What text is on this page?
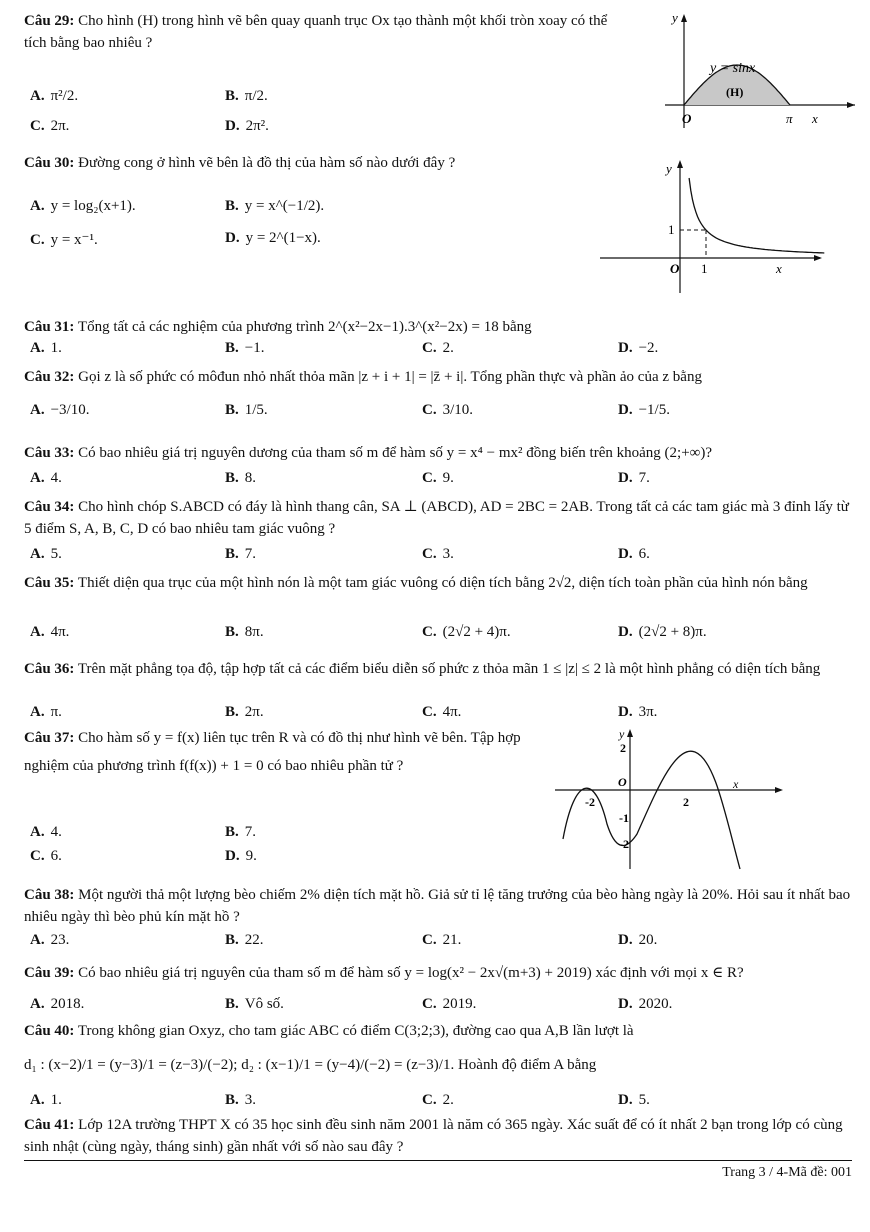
Câu 29: Cho hình (H) trong hình vẽ bên quay quanh trục Ox tạo thành một khối tròn xoay có thể tích bằng bao nhiêu ?
A. π²/2.	B. π/2.
C. 2π.	D. 2π².
y
y = sinx
(H)
O	π x
Câu 30: Đường cong ở hình vẽ bên là đồ thị của hàm số nào dưới đây ?
A. y = log₂(x+1).	B. y = x^(−1/2).
C. y = x⁻¹.	D. y = 2^(1−x).
y
1
O 1	x
Câu 31: Tổng tất cả các nghiệm của phương trình 2^(x²−2x−1).3^(x²−2x) = 18 bằng
A. 1.	B. −1.	C. 2.	D. −2.
Câu 32: Gọi z là số phức có môđun nhỏ nhất thỏa mãn |z + i + 1| = |z̄ + i|. Tổng phần thực và phần ảo của z bằng
A. −3/10.	B. 1/5.	C. 3/10.	D. −1/5.
Câu 33: Có bao nhiêu giá trị nguyên dương của tham số m để hàm số y = x⁴ − mx² đồng biến trên khoảng (2;+∞)?
A. 4.	B. 8.	C. 9.	D. 7.
Câu 34: Cho hình chóp S.ABCD có đáy là hình thang cân, SA ⊥ (ABCD), AD = 2BC = 2AB. Trong tất cả các tam giác mà 3 đỉnh lấy từ 5 điểm S, A, B, C, D có bao nhiêu tam giác vuông ?
A. 5.	B. 7.	C. 3.	D. 6.
Câu 35: Thiết diện qua trục của một hình nón là một tam giác vuông có diện tích bằng 2√2, diện tích toàn phần của hình nón bằng
A. 4π.	B. 8π.	C. (2√2 + 4)π.	D. (2√2 + 8)π.
Câu 36: Trên mặt phẳng tọa độ, tập hợp tất cả các điểm biểu diễn số phức z thỏa mãn 1 ≤ |z| ≤ 2 là một hình phẳng có diện tích bằng
A. π.	B. 2π.	C. 4π.	D. 3π.
Câu 37: Cho hàm số y = f(x) liên tục trên R và có đồ thị như hình vẽ bên. Tập hợp nghiệm của phương trình f(f(x)) + 1 = 0 có bao nhiêu phần tử ?
A. 4.	B. 7.
C. 6.	D. 9.
y
2
x
O
-2	2
-1
-2
Câu 38: Một người thả một lượng bèo chiếm 2% diện tích mặt hồ. Giả sử tỉ lệ tăng trưởng của bèo hàng ngày là 20%. Hỏi sau ít nhất bao nhiêu ngày thì bèo phủ kín mặt hồ ?
A. 23.	B. 22.	C. 21.	D. 20.
Câu 39: Có bao nhiêu giá trị nguyên của tham số m để hàm số y = log(x² − 2x√(m+3) + 2019) xác định với mọi x ∈ R?
A. 2018.	B. Vô số.	C. 2019.	D. 2020.
Câu 40: Trong không gian Oxyz, cho tam giác ABC có điểm C(3;2;3), đường cao qua A,B lần lượt là
d₁ : (x−2)/1 = (y−3)/1 = (z−3)/(−2); d₂ : (x−1)/1 = (y−4)/(−2) = (z−3)/1. Hoành độ điểm A bằng
A. 1.	B. 3.	C. 2.	D. 5.
Câu 41: Lớp 12A trường THPT X có 35 học sinh đều sinh năm 2001 là năm có 365 ngày. Xác suất để có ít nhất 2 bạn trong lớp có cùng sinh nhật (cùng ngày, tháng sinh) gần nhất với số nào sau đây ?
Trang 3 / 4-Mã đề: 001
